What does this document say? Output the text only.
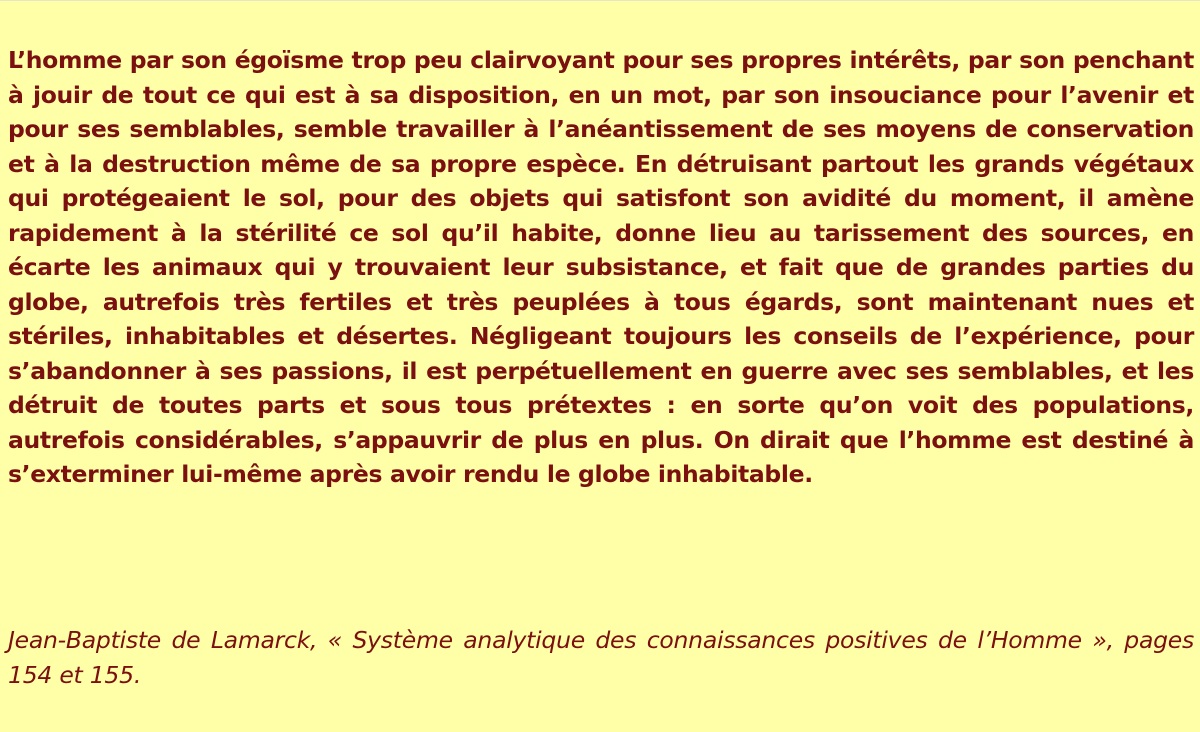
L’homme par son égoïsme trop peu clairvoyant pour ses propres intérêts, par son penchant à jouir de tout ce qui est à sa disposition, en un mot, par son insouciance pour l’avenir et pour ses semblables, semble travailler à l’anéantissement de ses moyens de conservation et à la destruction même de sa propre espèce. En détruisant partout les grands végétaux qui protégeaient le sol, pour des objets qui satisfont son avidité du moment, il amène rapidement à la stérilité ce sol qu’il habite, donne lieu au tarissement des sources, en écarte les animaux qui y trouvaient leur subsistance, et fait que de grandes parties du globe, autrefois très fertiles et très peuplées à tous égards, sont maintenant nues et stériles, inhabitables et désertes. Négligeant toujours les conseils de l’expérience, pour s’abandonner à ses passions, il est perpétuellement en guerre avec ses semblables, et les détruit de toutes parts et sous tous prétextes : en sorte qu’on voit des populations, autrefois considérables, s’appauvrir de plus en plus. On dirait que l’homme est destiné à s’exterminer lui-même après avoir rendu le globe inhabitable.

Jean-Baptiste de Lamarck, « Système analytique des connaissances positives de l’Homme », pages 154 et 155.
